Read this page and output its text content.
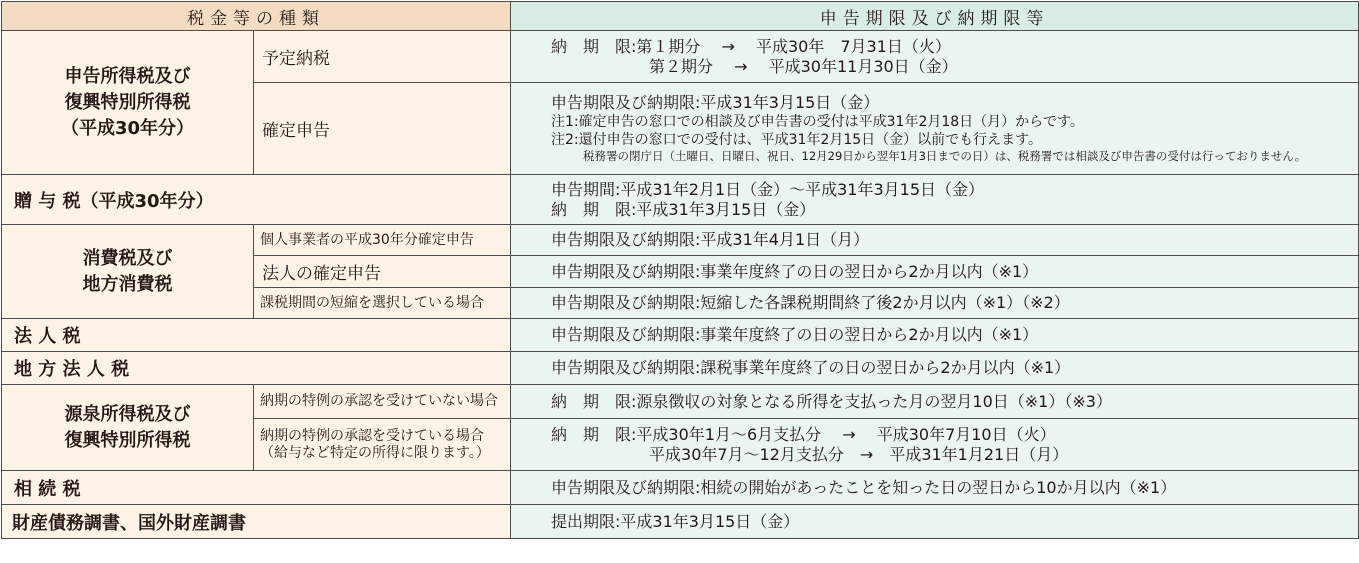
税金等の種類		申告期限及び納期限等

申告所得税及び
復興特別所得税
（平成30年分）	予定納税	納　期　限:第１期分　 →　 平成30年　7月31日（火）
第２期分　 →　 平成30年11月30日（金）

	確定申告	申告期限及び納期限:平成31年3月15日（金）
注1:確定申告の窓口での相談及び申告書の受付は平成31年2月18日（月）からです。
注2:還付申告の窓口での受付は、平成31年2月15日（金）以前でも行えます。
税務署の閉庁日（土曜日、日曜日、祝日、12月29日から翌年1月3日までの日）は、税務署では相談及び申告書の受付は行っておりません。

贈 与 税（平成30年分）		申告期間:平成31年2月1日（金）～平成31年3月15日（金）
納　期　限:平成31年3月15日（金）

消費税及び
地方消費税	個人事業者の平成30年分確定申告	申告期限及び納期限:平成31年4月1日（月）
	法人の確定申告	申告期限及び納期限:事業年度終了の日の翌日から2か月以内（※1）
	課税期間の短縮を選択している場合	申告期限及び納期限:短縮した各課税期間終了後2か月以内（※1）（※2）
法 人 税		申告期限及び納期限:事業年度終了の日の翌日から2か月以内（※1）
地 方 法 人 税		申告期限及び納期限:課税事業年度終了の日の翌日から2か月以内（※1）

源泉所得税及び
復興特別所得税	納期の特例の承認を受けていない場合	納　期　限:源泉徴収の対象となる所得を支払った月の翌月10日（※1）（※3）

	納期の特例の承認を受けている場合
（給与など特定の所得に限ります。）	納　期　限:平成30年1月～6月支払分　 →　 平成30年7月10日（火）
平成30年7月～12月支払分　→　平成31年1月21日（月）

相 続 税		申告期限及び納期限:相続の開始があったことを知った日の翌日から10か月以内（※1）
財産債務調書、国外財産調書		提出期限:平成31年3月15日（金）
